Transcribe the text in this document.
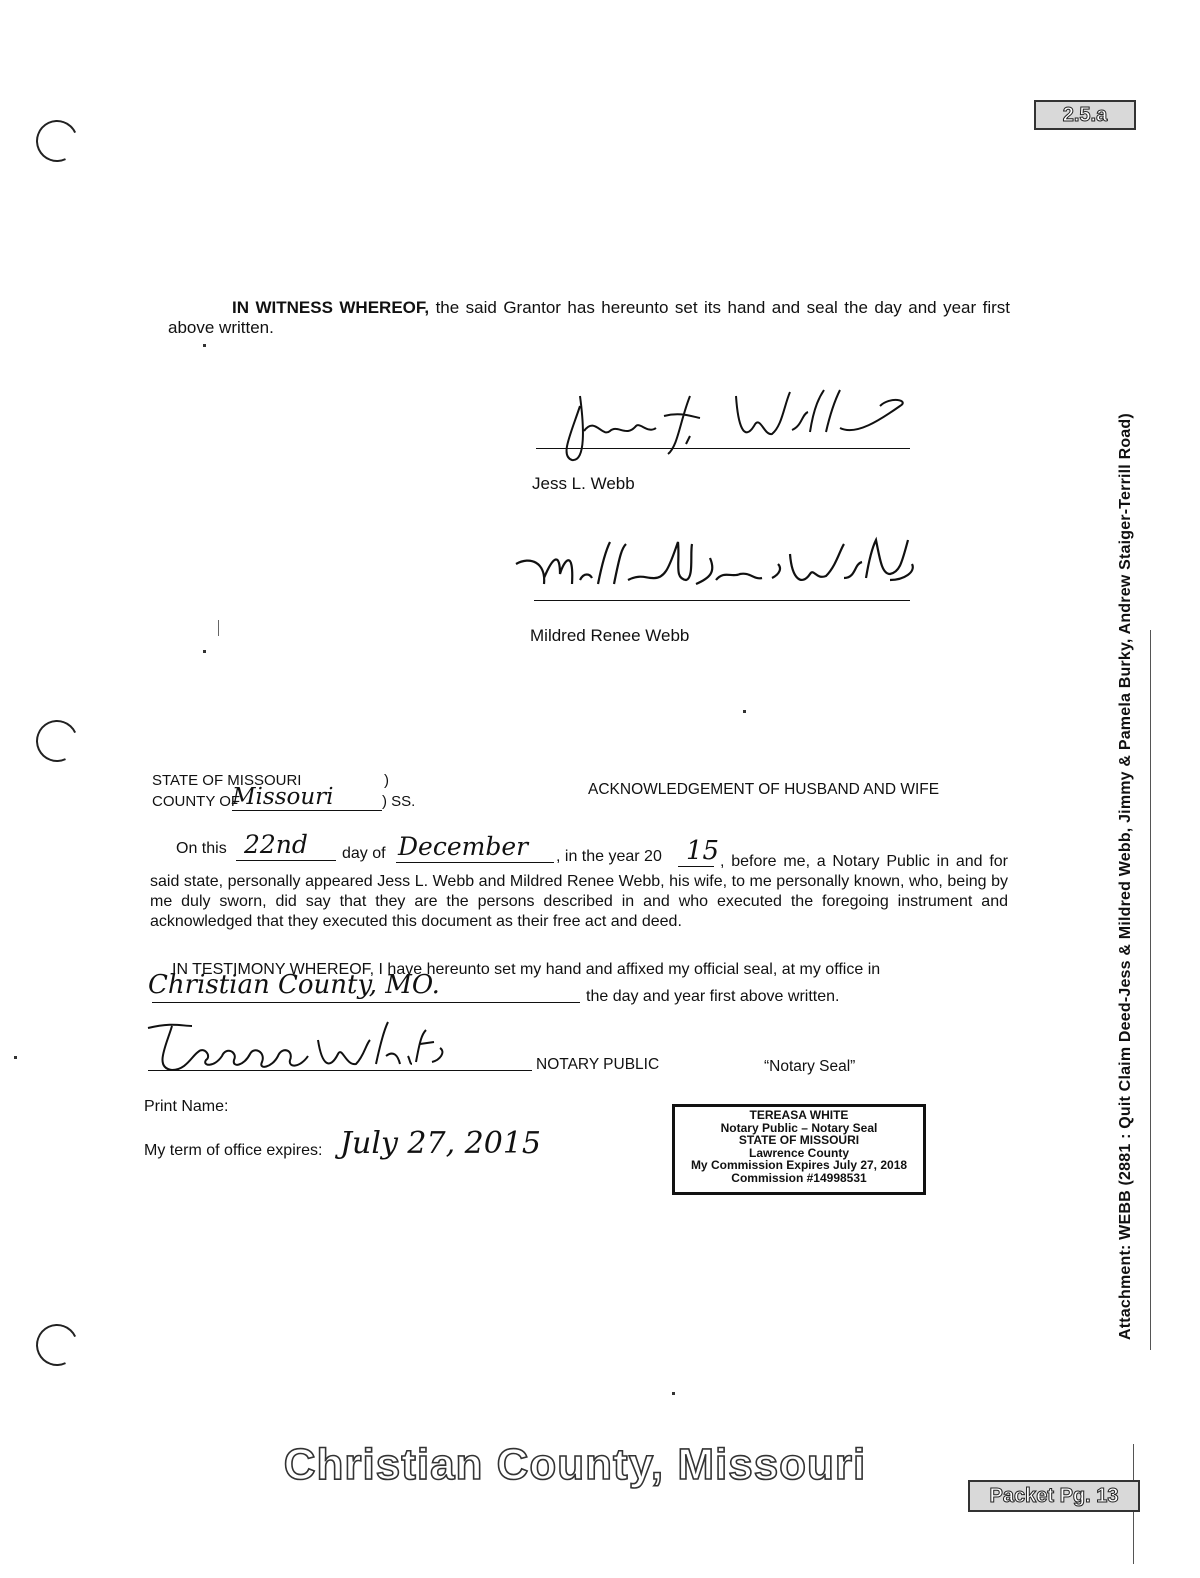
2.5.a
IN WITNESS WHEREOF, the said Grantor has hereunto set its hand and seal the day and year first above written.
Jess L. Webb
Mildred Renee Webb
STATE OF MISSOURI	)
COUNTY OF
Missouri	) SS.
ACKNOWLEDGEMENT OF HUSBAND AND WIFE
On this 22nd day of December , in the year 20 15 , before me, a Notary Public in and for said state, personally appeared Jess L. Webb and Mildred Renee Webb, his wife, to me personally known, who, being by me duly sworn, did say that they are the persons described in and who executed the foregoing instrument and acknowledged that they executed this document as their free act and deed.
IN TESTIMONY WHEREOF, I have hereunto set my hand and affixed my official seal, at my office in
Christian County, MO.	the day and year first above written.
NOTARY PUBLIC	“Notary Seal”
Print Name:
My term of office expires: July 27, 2015
TEREASA WHITE
Notary Public – Notary Seal
STATE OF MISSOURI
Lawrence County
My Commission Expires July 27, 2018
Commission #14998531	Attachment: WEBB (2881 : Quit Claim Deed-Jess & Mildred Webb, Jimmy & Pamela Burky, Andrew Staiger-Terrill Road)
Christian County, Missouri
Packet Pg. 13
